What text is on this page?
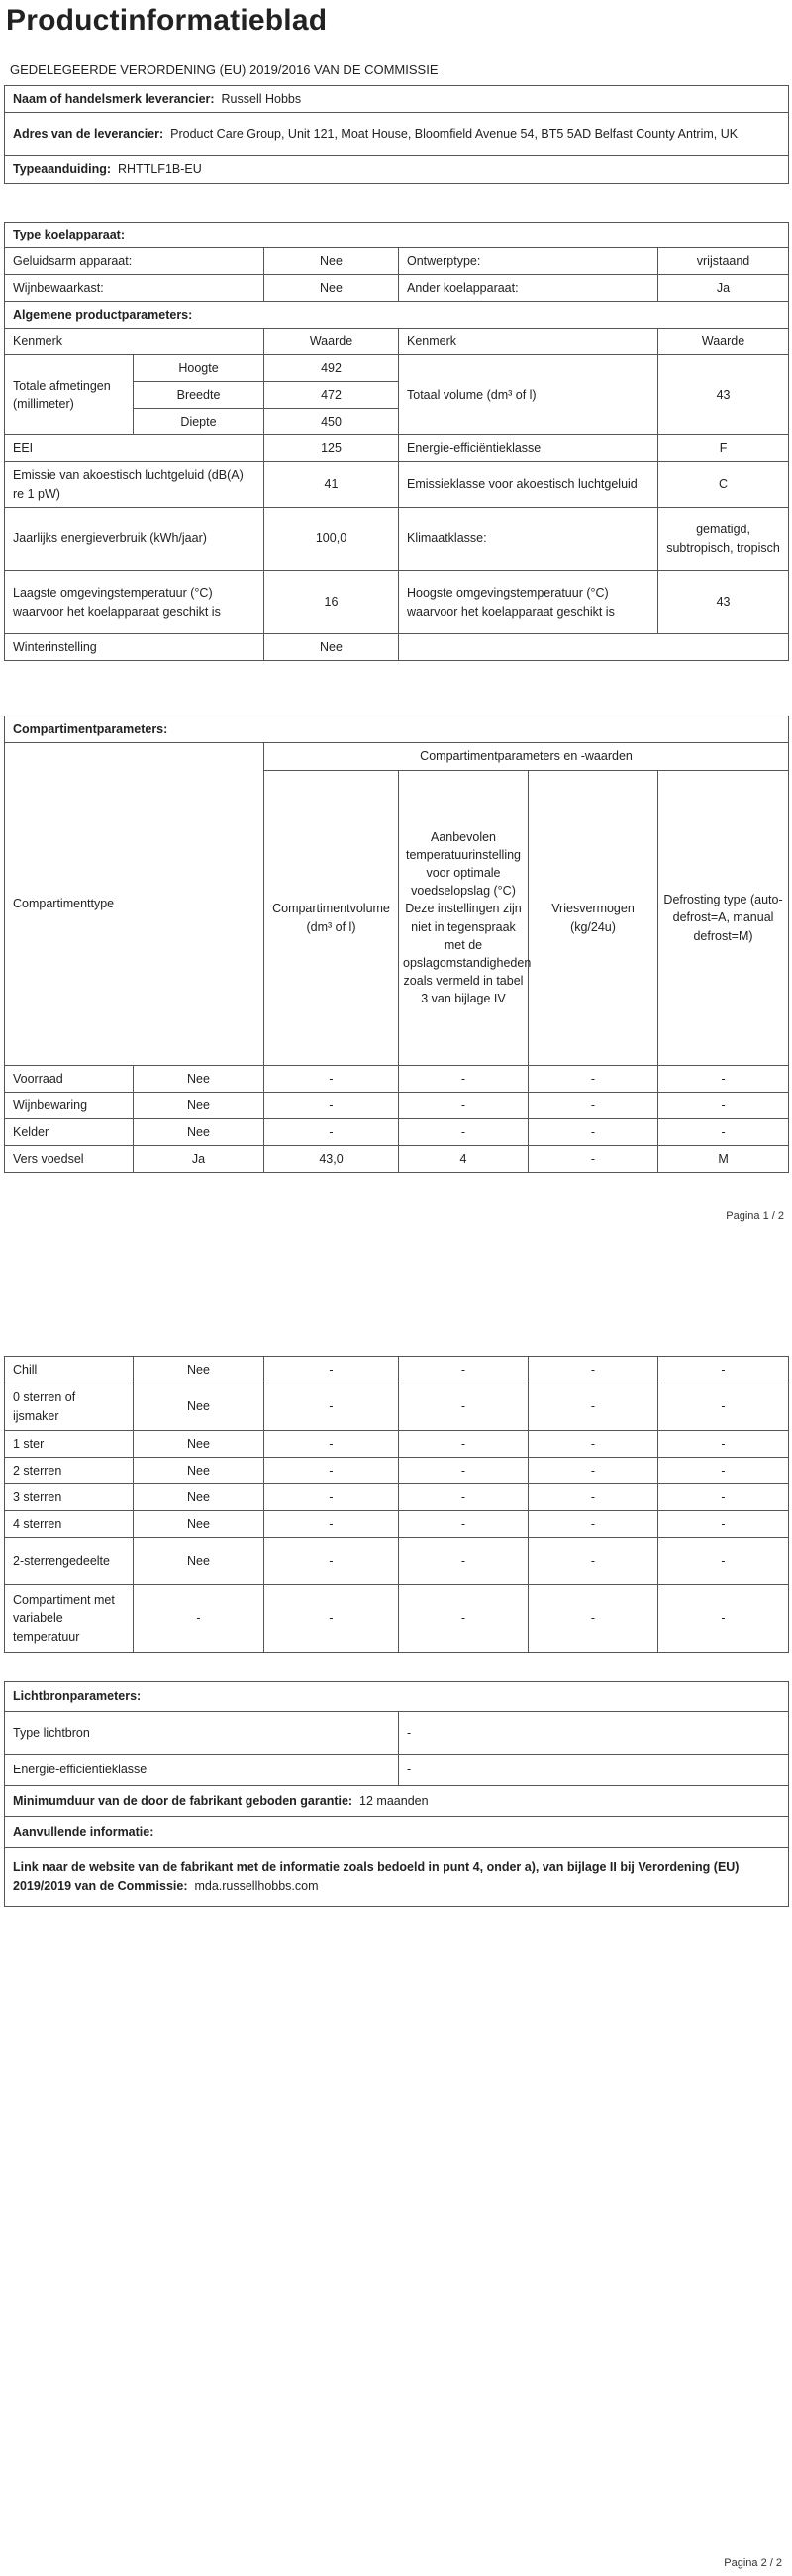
Productinformatieblad
GEDELEGEERDE VERORDENING (EU) 2019/2016 VAN DE COMMISSIE
Naam of handelsmerk leverancier: Russell Hobbs
Adres van de leverancier: Product Care Group, Unit 121, Moat House, Bloomfield Avenue 54, BT5 5AD Belfast County Antrim, UK
Typeaanduiding: RHTTLF1B-EU
Type koelapparaat:			
Geluidsarm apparaat:	Nee	Ontwerptype:	vrijstaand
Wijnbewaarkast:	Nee	Ander koelapparaat:	Ja
Algemene productparameters:				
Kenmerk		Waarde	Kenmerk	Waarde
Totale afmetingen (millimeter)	Hoogte	492	Totaal volume (dm³ of l)	43
	Breedte	472		
	Diepte	450		
EEI		125	Energie-efficiëntieklasse	F
Emissie van akoestisch luchtgeluid (dB(A) re 1 pW)		41	Emissieklasse voor akoestisch luchtgeluid	C
Jaarlijks energieverbruik (kWh/jaar)		100,0	Klimaatklasse:	gematigd, subtropisch, tropisch
Laagste omgevingstemperatuur (°C) waarvoor het koelapparaat geschikt is		16	Hoogste omgevingstemperatuur (°C) waarvoor het koelapparaat geschikt is	43
Winterinstelling		Nee		
Compartimentparameters:					
Compartimenttype		Compartimentparameters en -waarden			
		Compartimentvolume (dm³ of l)	Aanbevolen temperatuurinstelling voor optimale voedselopslag (°C) Deze instellingen zijn niet in tegenspraak met de opslagomstandigheden zoals vermeld in tabel 3 van bijlage IV	Vriesvermogen (kg/24u)	Defrosting type (auto-defrost=A, manual defrost=M)
Voorraad	Nee	-	-	-	-
Wijnbewaring	Nee	-	-	-	-
Kelder	Nee	-	-	-	-
Vers voedsel	Ja	43,0	4	-	M
Pagina 1 / 2
Chill	Nee	-	-	-	-
0 sterren of ijsmaker	Nee	-	-	-	-
1 ster	Nee	-	-	-	-
2 sterren	Nee	-	-	-	-
3 sterren	Nee	-	-	-	-
4 sterren	Nee	-	-	-	-
2-sterrengedeelte	Nee	-	-	-	-
Compartiment met variabele temperatuur	-	-	-	-	-
Lichtbronparameters:	
Type lichtbron	-
Energie-efficiëntieklasse	-
Minimumduur van de door de fabrikant geboden garantie: 12 maanden	
Aanvullende informatie:	
Link naar de website van de fabrikant met de informatie zoals bedoeld in punt 4, onder a), van bijlage II bij Verordening (EU) 2019/2019 van de Commissie: mda.russellhobbs.com	
Pagina 2 / 2
